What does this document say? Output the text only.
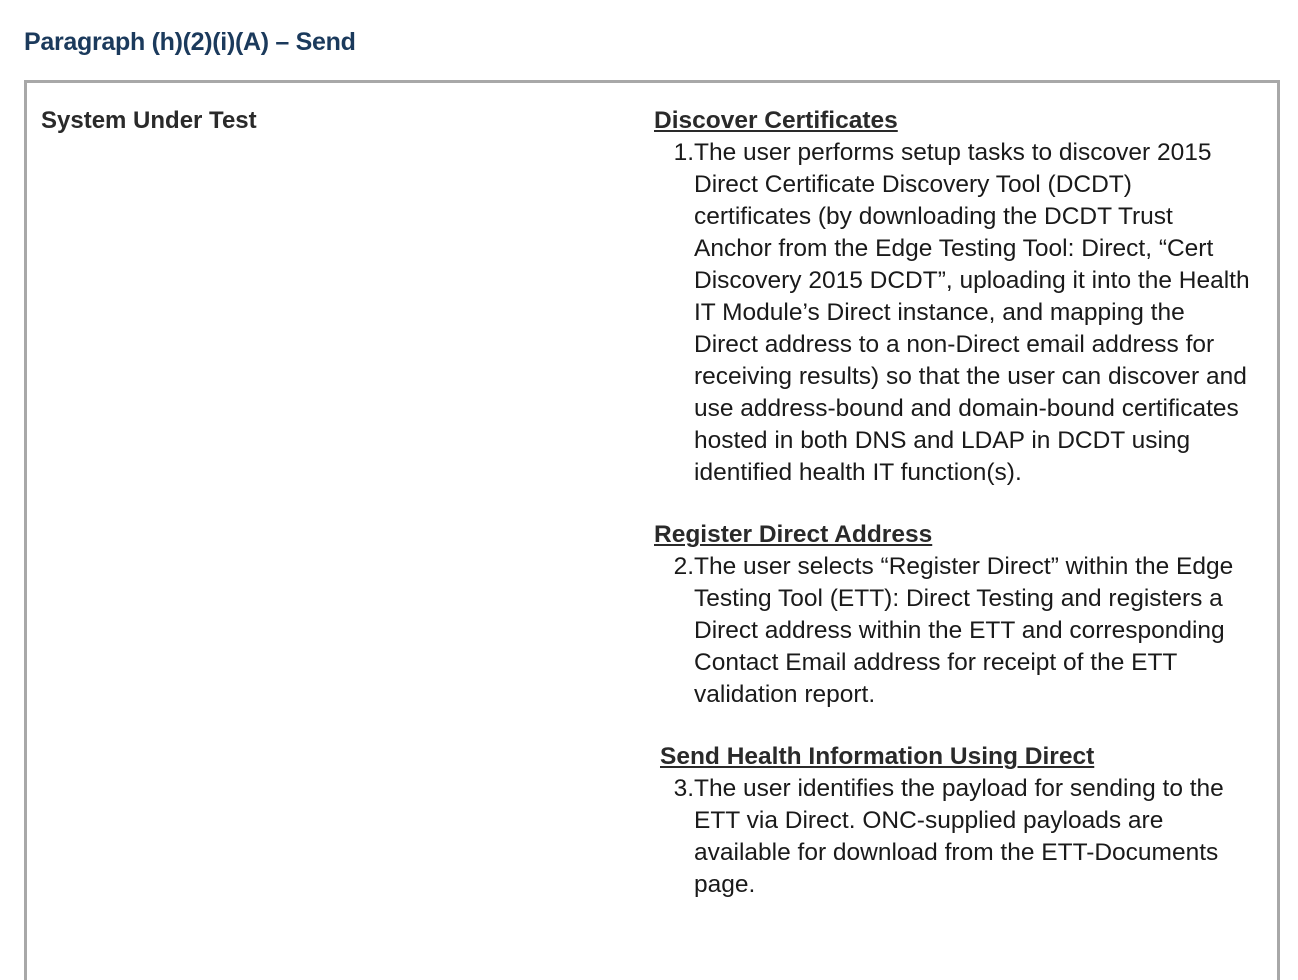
Paragraph (h)(2)(i)(A) – Send
System Under Test	Discover Certificates
1. The user performs setup tasks to discover 2015 Direct Certificate Discovery Tool (DCDT) certificates (by downloading the DCDT Trust Anchor from the Edge Testing Tool: Direct, “Cert Discovery 2015 DCDT”, uploading it into the Health IT Module’s Direct instance, and mapping the Direct address to a non-Direct email address for receiving results) so that the user can discover and use address-bound and domain-bound certificates hosted in both DNS and LDAP in DCDT using identified health IT function(s).
Register Direct Address
2. The user selects “Register Direct” within the Edge Testing Tool (ETT): Direct Testing and registers a Direct address within the ETT and corresponding Contact Email address for receipt of the ETT validation report.
Send Health Information Using Direct
3. The user identifies the payload for sending to the ETT via Direct. ONC-supplied payloads are available for download from the ETT-Documents page.
